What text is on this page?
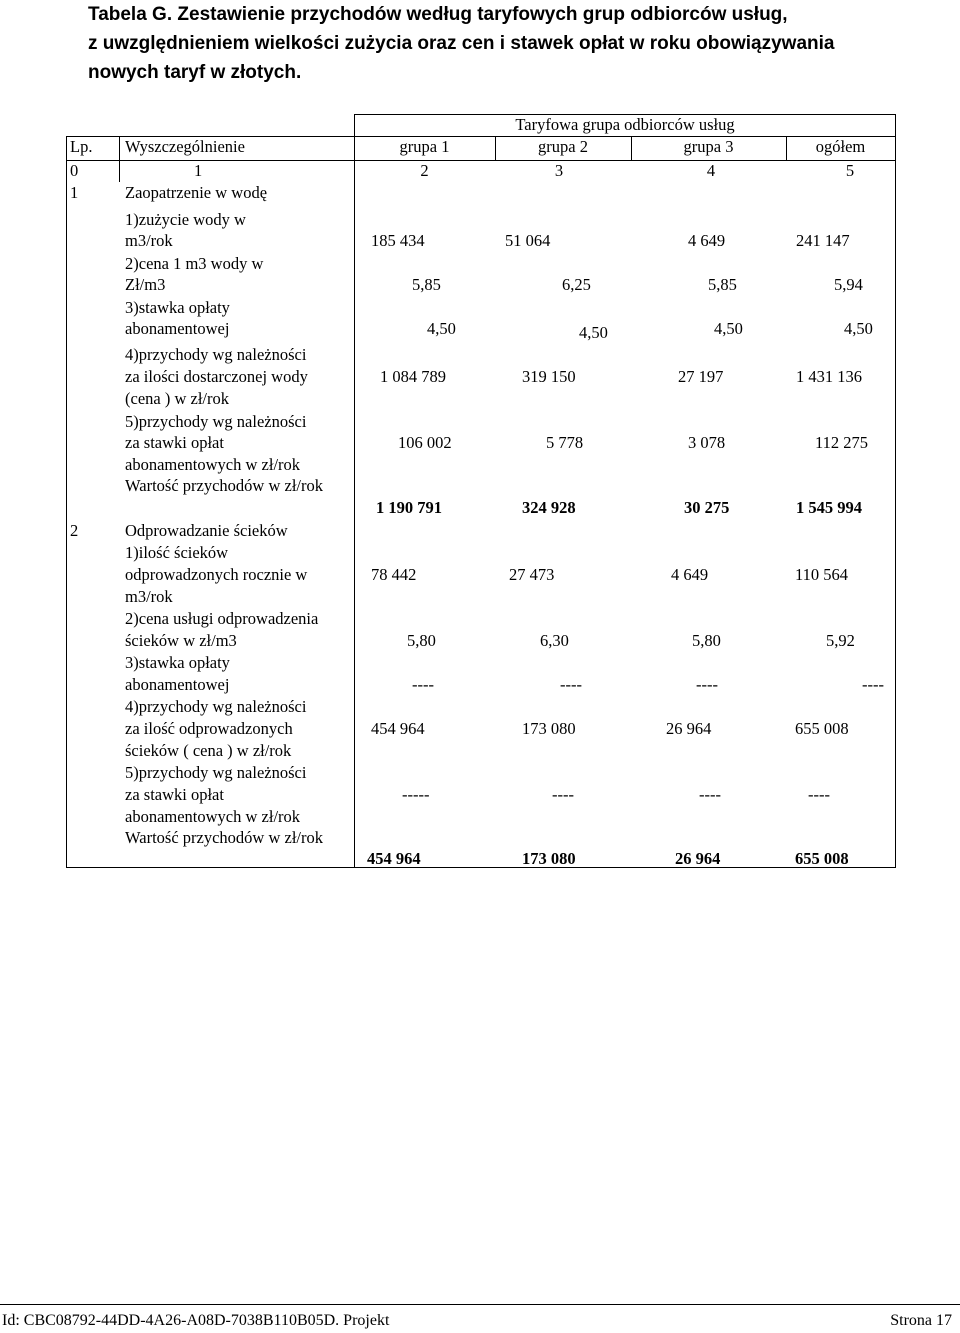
Tabela G. Zestawienie przychodów według taryfowych grup odbiorców usług,
z uwzględnieniem wielkości zużycia oraz cen i stawek opłat w roku obowiązywania
nowych taryf w złotych.
Taryfowa grupa odbiorców usług
Lp. Wyszczególnienie	grupa 1	grupa 2	grupa 3	ogółem
0	1	2	3	4	5
1	Zaopatrzenie w wodę
1)zużycie wody w
m3/rok	185 434	51 064	4 649	241 147
2)cena 1 m3 wody w
Zł/m3	5,85	6,25	5,85	5,94
3)stawka opłaty
abonamentowej	4,50	4,50	4,50	4,50
4)przychody wg należności
za ilości dostarczonej wody
(cena ) w zł/rok
1 084 789	319 150	27 197	1 431 136
5)przychody wg należności
za stawki opłat
abonamentowych w zł/rok
106 002	5 778	3 078	112 275
Wartość przychodów w zł/rok
1 190 791	324 928	30 275	1 545 994
2	Odprowadzanie ścieków
1)ilość ścieków
odprowadzonych rocznie w
m3/rok
78 442	27 473	4 649	110 564
2)cena usługi odprowadzenia
ścieków w zł/m3	5,80	6,30	5,80	5,92
3)stawka opłaty
abonamentowej	----	----	----	----
4)przychody wg należności
za ilość odprowadzonych
ścieków ( cena ) w zł/rok
454 964	173 080	26 964	655 008
5)przychody wg należności
za stawki opłat
abonamentowych w zł/rok
-----	----	----	----
Wartość przychodów w zł/rok
454 964	173 080	26 964	655 008
Id: CBC08792-44DD-4A26-A08D-7038B110B05D. Projekt	Strona 17
